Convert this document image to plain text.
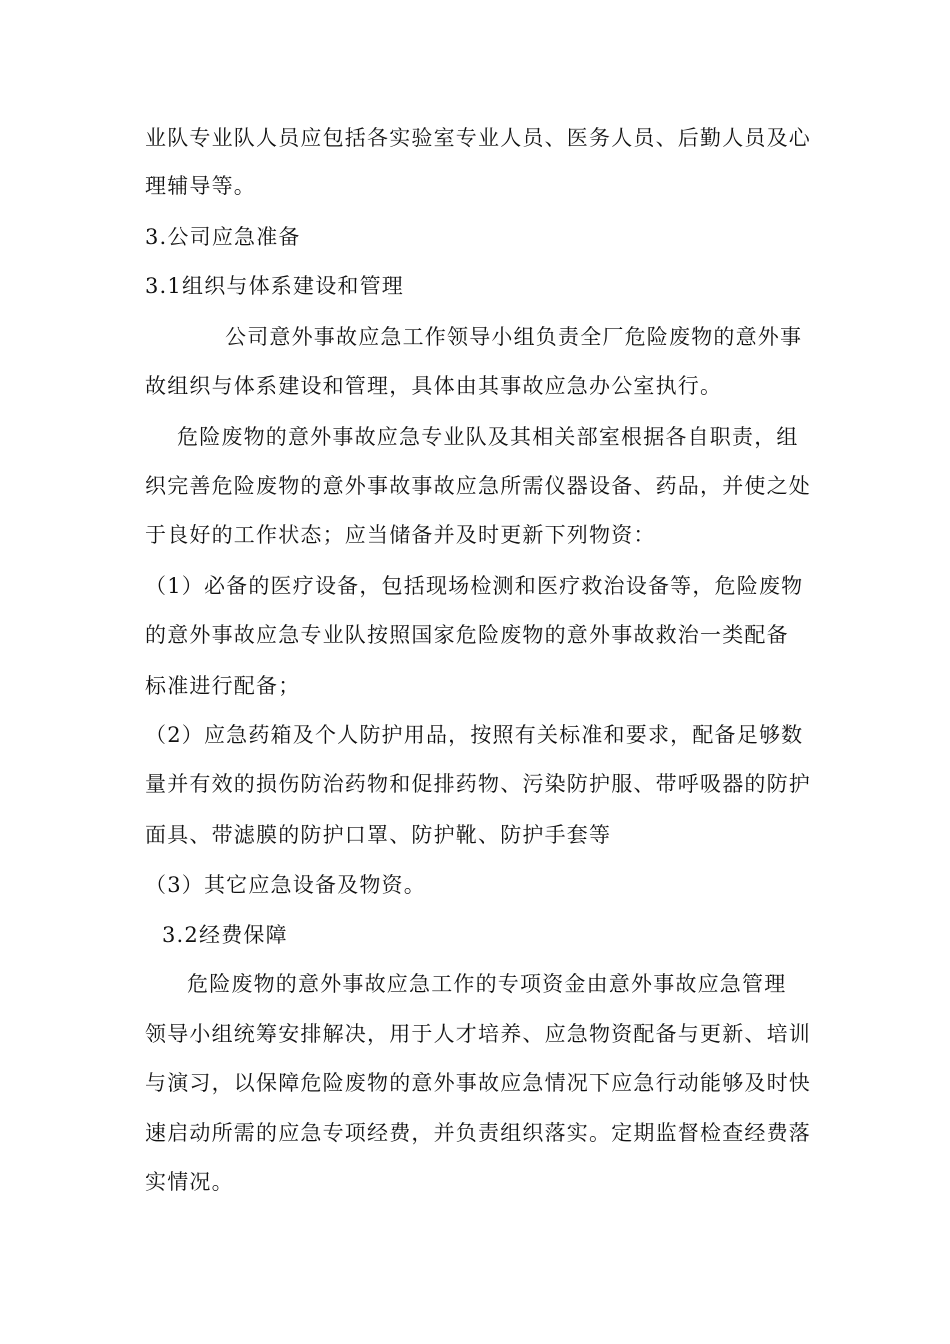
业队专业队人员应包括各实验室专业人员、医务人员、后勤人员及心
理辅导等。
3.公司应急准备
3.1组织与体系建设和管理
公司意外事故应急工作领导小组负责全厂危险废物的意外事
故组织与体系建设和管理，具体由其事故应急办公室执行。
危险废物的意外事故应急专业队及其相关部室根据各自职责，组
织完善危险废物的意外事故事故应急所需仪器设备、药品，并使之处
于良好的工作状态；应当储备并及时更新下列物资：
（1）必备的医疗设备，包括现场检测和医疗救治设备等，危险废物
的意外事故应急专业队按照国家危险废物的意外事故救治一类配备
标准进行配备；
（2）应急药箱及个人防护用品，按照有关标准和要求，配备足够数
量并有效的损伤防治药物和促排药物、污染防护服、带呼吸器的防护
面具、带滤膜的防护口罩、防护靴、防护手套等
（3）其它应急设备及物资。
3.2经费保障
危险废物的意外事故应急工作的专项资金由意外事故应急管理
领导小组统筹安排解决，用于人才培养、应急物资配备与更新、培训
与演习，以保障危险废物的意外事故应急情况下应急行动能够及时快
速启动所需的应急专项经费，并负责组织落实。定期监督检查经费落
实情况。
